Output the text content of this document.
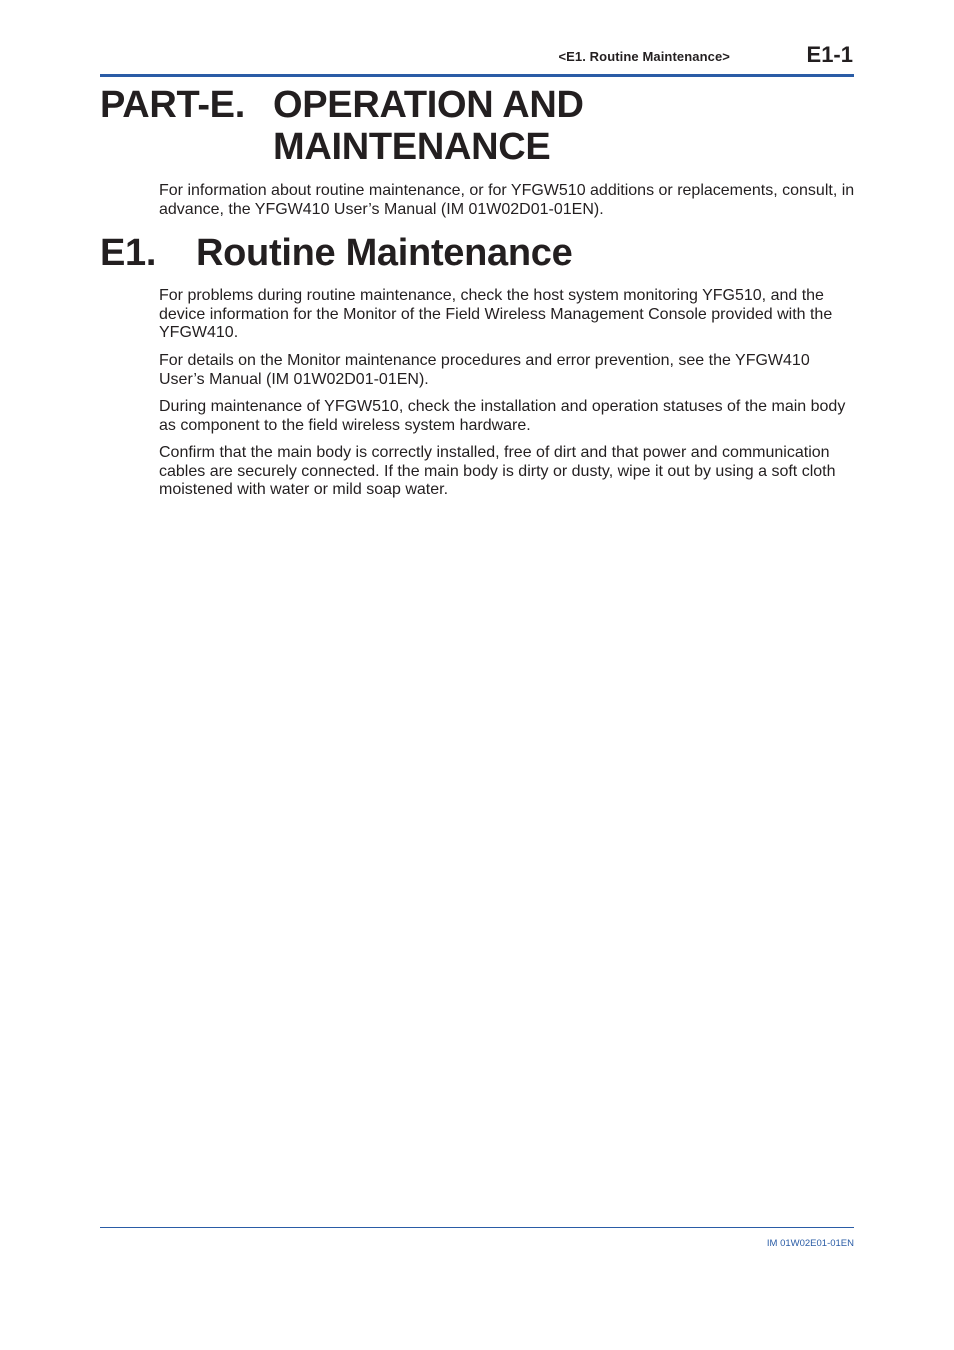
<E1. Routine Maintenance>	E1-1
PART-E. OPERATION AND MAINTENANCE

For information about routine maintenance, or for YFGW510 additions or replacements, consult, in advance, the YFGW410 User’s Manual (IM 01W02D01-01EN).

E1. Routine Maintenance

For problems during routine maintenance, check the host system monitoring YFG510, and the device information for the Monitor of the Field Wireless Management Console provided with the YFGW410.

For details on the Monitor maintenance procedures and error prevention, see the YFGW410 User’s Manual (IM 01W02D01-01EN).

During maintenance of YFGW510, check the installation and operation statuses of the main body as component to the field wireless system hardware.

Confirm that the main body is correctly installed, free of dirt and that power and communication cables are securely connected. If the main body is dirty or dusty, wipe it out by using a soft cloth moistened with water or mild soap water.

IM 01W02E01-01EN
